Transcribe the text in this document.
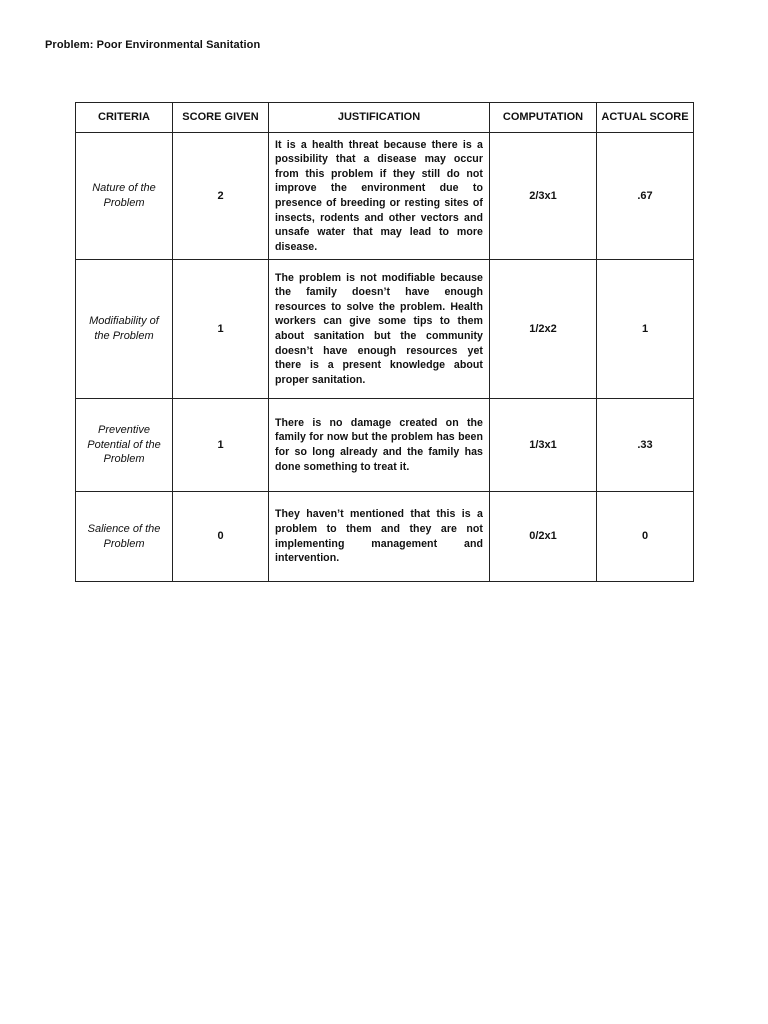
Problem: Poor Environmental Sanitation
CRITERIA	SCORE GIVEN	JUSTIFICATION	COMPUTATION	ACTUAL SCORE
Nature of the Problem	2	It is a health threat because there is a possibility that a disease may occur from this problem if they still do not improve the environment due to presence of breeding or resting sites of insects, rodents and other vectors and unsafe water that may lead to more disease.	2/3x1	.67
Modifiability of the Problem	1	The problem is not modifiable because the family doesn’t have enough resources to solve the problem. Health workers can give some tips to them about sanitation but the community doesn’t have enough resources yet there is a present knowledge about proper sanitation.	1/2x2	1
Preventive Potential of the Problem	1	There is no damage created on the family for now but the problem has been for so long already and the family has done something to treat it.	1/3x1	.33
Salience of the Problem	0	They haven’t mentioned that this is a problem to them and they are not implementing management and intervention.	0/2x1	0
